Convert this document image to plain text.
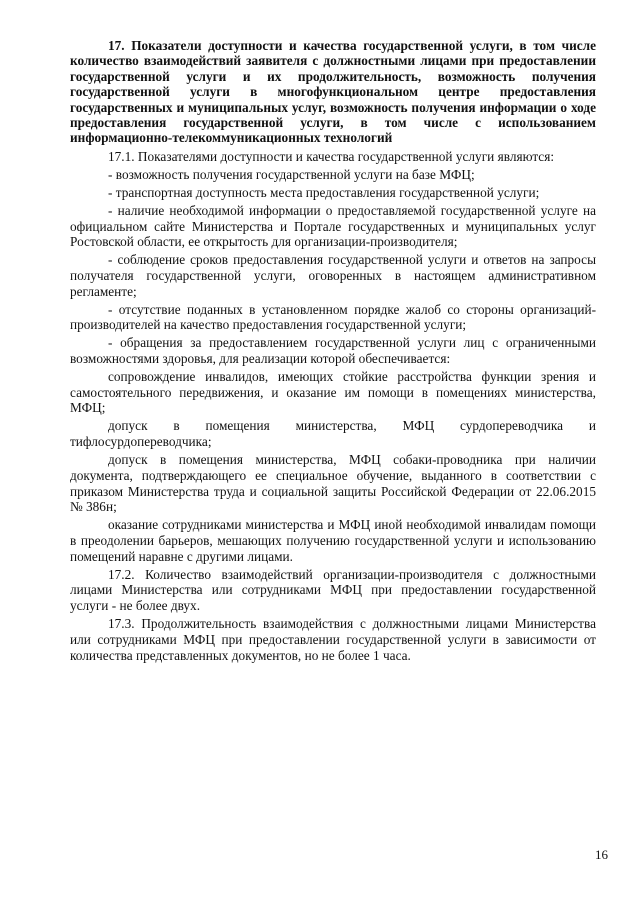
17. Показатели доступности и качества государственной услуги, в том числе количество взаимодействий заявителя с должностными лицами при предоставлении государственной услуги и их продолжительность, возможность получения государственной услуги в многофункциональном центре предоставления государственных и муниципальных услуг, возможность получения информации о ходе предоставления государственной услуги, в том числе с использованием информационно-телекоммуникационных технологий

17.1. Показателями доступности и качества государственной услуги являются:

- возможность получения государственной услуги на базе МФЦ;

- транспортная доступность места предоставления государственной услуги;

- наличие необходимой информации о предоставляемой государственной услуге на официальном сайте Министерства и Портале государственных и муниципальных услуг Ростовской области, ее открытость для организации-производителя;

- соблюдение сроков предоставления государственной услуги и ответов на запросы получателя государственной услуги, оговоренных в настоящем административном регламенте;

- отсутствие поданных в установленном порядке жалоб со стороны организаций-производителей на качество предоставления государственной услуги;

- обращения за предоставлением государственной услуги лиц с ограниченными возможностями здоровья, для реализации которой обеспечивается:

сопровождение инвалидов, имеющих стойкие расстройства функции зрения и самостоятельного передвижения, и оказание им помощи в помещениях министерства, МФЦ;

допуск в помещения министерства, МФЦ сурдопереводчика и тифлосурдопереводчика;

допуск в помещения министерства, МФЦ собаки-проводника при наличии документа, подтверждающего ее специальное обучение, выданного в соответствии с приказом Министерства труда и социальной защиты Российской Федерации от 22.06.2015 № 386н;

оказание сотрудниками министерства и МФЦ иной необходимой инвалидам помощи в преодолении барьеров, мешающих получению государственной услуги и использованию помещений наравне с другими лицами.

17.2. Количество взаимодействий организации-производителя с должностными лицами Министерства или сотрудниками МФЦ при предоставлении государственной услуги - не более двух.

17.3. Продолжительность взаимодействия с должностными лицами Министерства или сотрудниками МФЦ при предоставлении государственной услуги в зависимости от количества представленных документов, но не более 1 часа.

16
